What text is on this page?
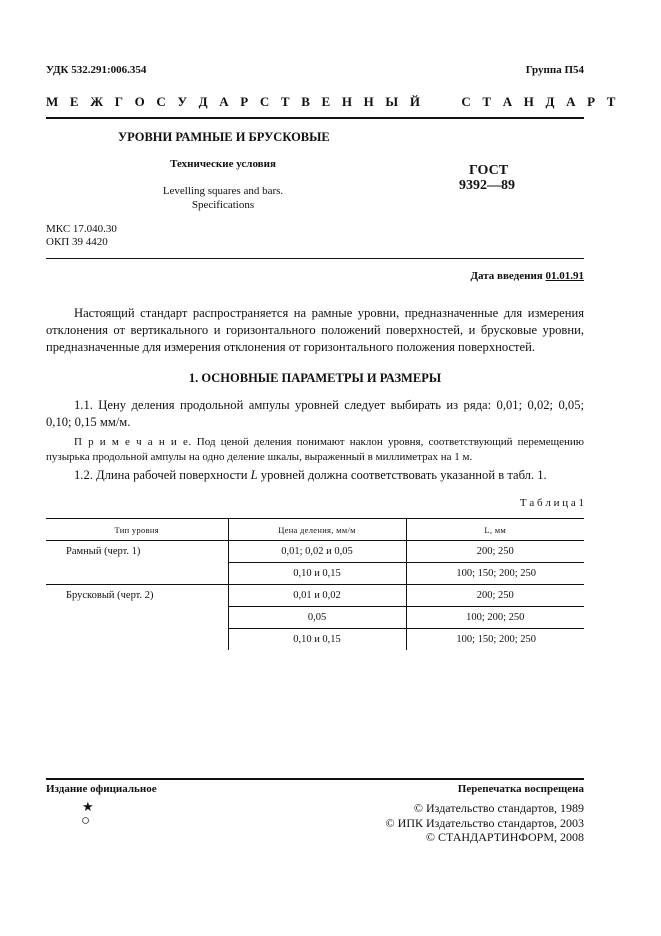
УДК 532.291:006.354	Группа П54
М Е Ж Г О С У Д А Р С Т В Е Н Н Ы Й     С Т А Н Д А Р Т
УРОВНИ РАМНЫЕ И БРУСКОВЫЕ
Технические условия
Levelling squares and bars.
Specifications
ГОСТ
9392—89
МКС 17.040.30
ОКП 39 4420
Дата введения 01.01.91
Настоящий стандарт распространяется на рамные уровни, предназначенные для измерения отклонения от вертикального и горизонтального положений поверхностей, и брусковые уровни, предназначенные для измерения отклонения от горизонтального положения поверхностей.
1. ОСНОВНЫЕ ПАРАМЕТРЫ И РАЗМЕРЫ
1.1. Цену деления продольной ампулы уровней следует выбирать из ряда: 0,01; 0,02; 0,05; 0,10; 0,15 мм/м.
П р и м е ч а н и е. Под ценой деления понимают наклон уровня, соответствующий перемещению пузырька продольной ампулы на одно деление шкалы, выраженный в миллиметрах на 1 м.
1.2. Длина рабочей поверхности L уровней должна соответствовать указанной в табл. 1.
Т а б л и ц а 1
Тип уровня	Цена деления, мм/м	L, мм
Рамный (черт. 1)	0,01; 0,02 и 0,05	200; 250
	0,10 и 0,15	100; 150; 200; 250
Брусковый (черт. 2)	0,01 и 0,02	200; 250
	0,05	100; 200; 250
	0,10 и 0,15	100; 150; 200; 250
Издание официальное	Перепечатка воспрещена
★
○
© Издательство стандартов, 1989
© ИПК Издательство стандартов, 2003
© СТАНДАРТИНФОРМ, 2008
